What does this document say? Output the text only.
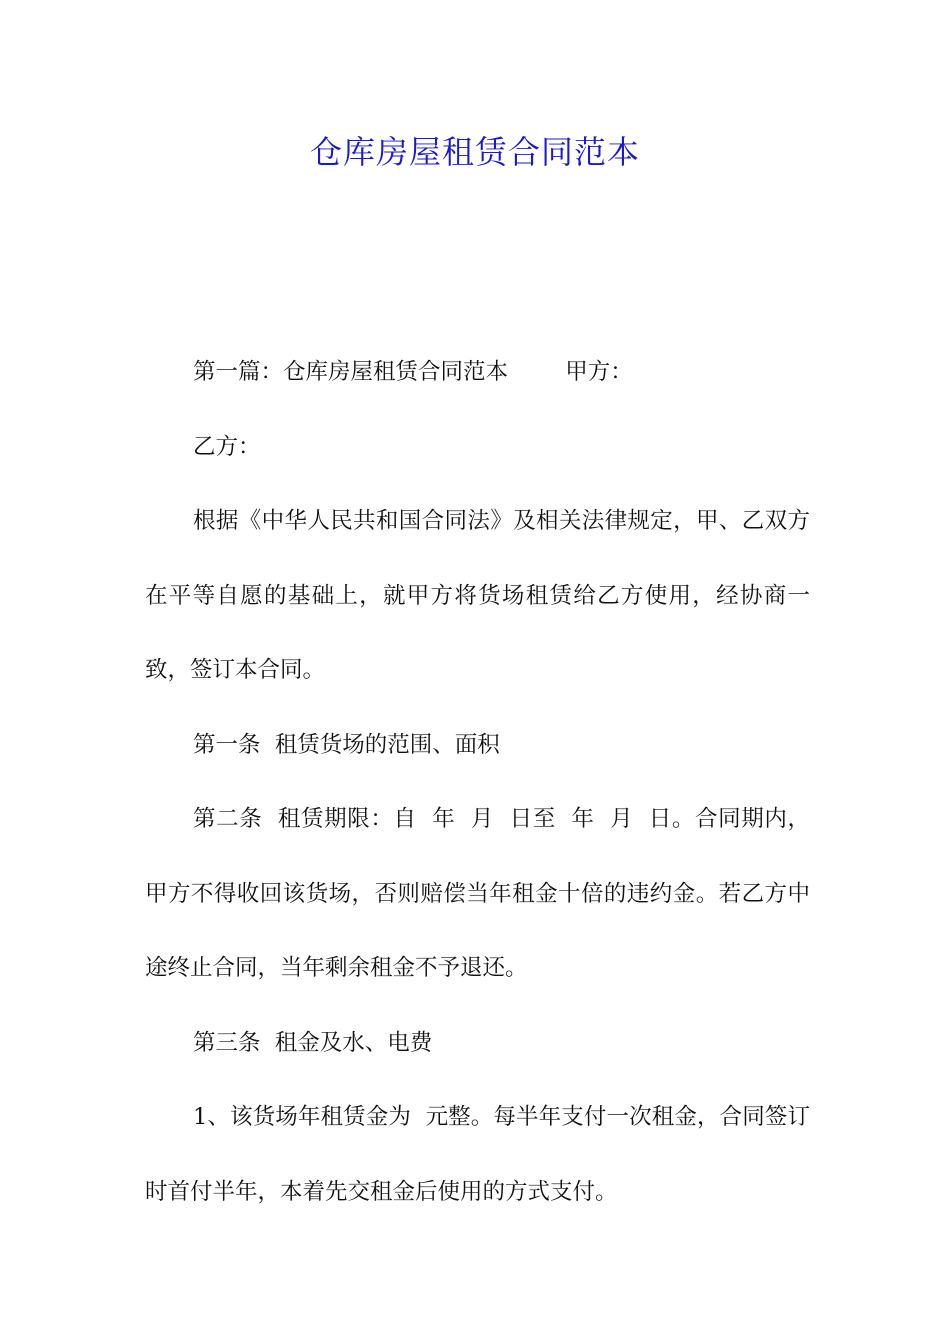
仓库房屋租赁合同范本

第一篇：仓库房屋租赁合同范本        甲方：

乙方：

根据《中华人民共和国合同法》及相关法律规定，甲、乙双方在平等自愿的基础上，就甲方将货场租赁给乙方使用，经协商一致，签订本合同。

第一条  租赁货场的范围、面积

第二条  租赁期限：自  年  月  日至  年  月  日。合同期内，甲方不得收回该货场，否则赔偿当年租金十倍的违约金。若乙方中途终止合同，当年剩余租金不予退还。

第三条  租金及水、电费

1、该货场年租赁金为  元整。每半年支付一次租金，合同签订时首付半年，本着先交租金后使用的方式支付。
